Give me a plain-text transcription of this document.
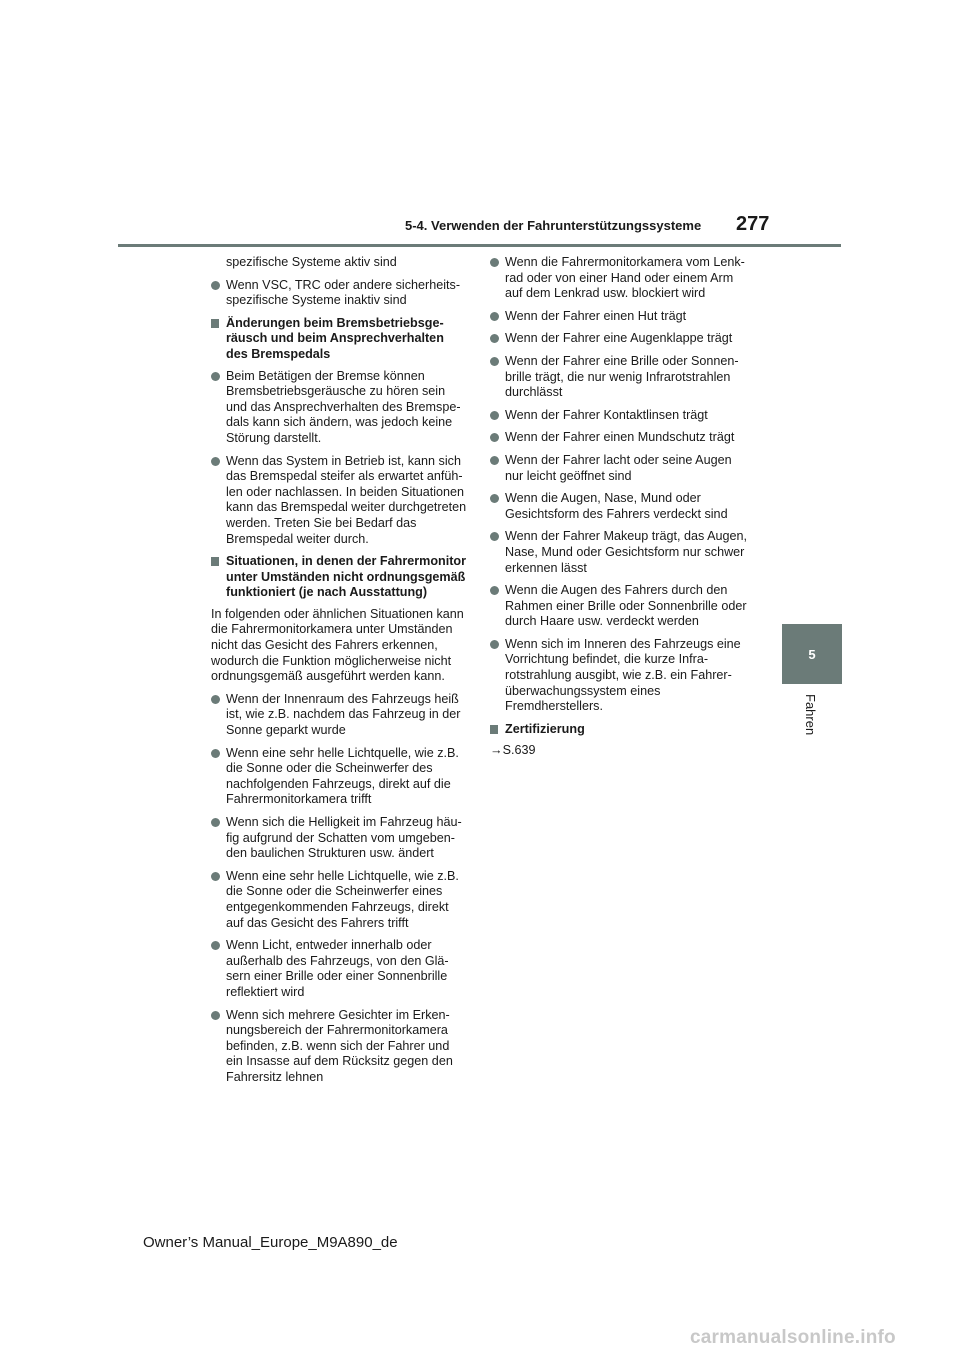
5-4. Verwenden der Fahrunterstützungssysteme 277
5
Fahren
spezifische Systeme aktiv sind
Wenn VSC, TRC oder andere sicherheits-spezifische Systeme inaktiv sind
Änderungen beim Bremsbetriebsge-räusch und beim Ansprechverhalten des Bremspedals
Beim Betätigen der Bremse können Bremsbetriebsgeräusche zu hören sein und das Ansprechverhalten des Bremspe-dals kann sich ändern, was jedoch keine Störung darstellt.
Wenn das System in Betrieb ist, kann sich das Bremspedal steifer als erwartet anfüh-len oder nachlassen. In beiden Situationen kann das Bremspedal weiter durchgetreten werden. Treten Sie bei Bedarf das Bremspedal weiter durch.
Situationen, in denen der Fahrermonitor unter Umständen nicht ordnungsgemäß funktioniert (je nach Ausstattung)
In folgenden oder ähnlichen Situationen kann die Fahrermonitorkamera unter Umständen nicht das Gesicht des Fahrers erkennen, wodurch die Funktion möglicherweise nicht ordnungsgemäß ausgeführt werden kann.
Wenn der Innenraum des Fahrzeugs heiß ist, wie z.B. nachdem das Fahrzeug in der Sonne geparkt wurde
Wenn eine sehr helle Lichtquelle, wie z.B. die Sonne oder die Scheinwerfer des nachfolgenden Fahrzeugs, direkt auf die Fahrermonitorkamera trifft
Wenn sich die Helligkeit im Fahrzeug häu-fig aufgrund der Schatten vom umgeben-den baulichen Strukturen usw. ändert
Wenn eine sehr helle Lichtquelle, wie z.B. die Sonne oder die Scheinwerfer eines entgegenkommenden Fahrzeugs, direkt auf das Gesicht des Fahrers trifft
Wenn Licht, entweder innerhalb oder außerhalb des Fahrzeugs, von den Glä-sern einer Brille oder einer Sonnenbrille reflektiert wird
Wenn sich mehrere Gesichter im Erken-nungsbereich der Fahrermonitorkamera befinden, z.B. wenn sich der Fahrer und ein Insasse auf dem Rücksitz gegen den Fahrersitz lehnen
Wenn die Fahrermonitorkamera vom Lenk-rad oder von einer Hand oder einem Arm auf dem Lenkrad usw. blockiert wird
Wenn der Fahrer einen Hut trägt
Wenn der Fahrer eine Augenklappe trägt
Wenn der Fahrer eine Brille oder Sonnen-brille trägt, die nur wenig Infrarotstrahlen durchlässt
Wenn der Fahrer Kontaktlinsen trägt
Wenn der Fahrer einen Mundschutz trägt
Wenn der Fahrer lacht oder seine Augen nur leicht geöffnet sind
Wenn die Augen, Nase, Mund oder Gesichtsform des Fahrers verdeckt sind
Wenn der Fahrer Makeup trägt, das Augen, Nase, Mund oder Gesichtsform nur schwer erkennen lässt
Wenn die Augen des Fahrers durch den Rahmen einer Brille oder Sonnenbrille oder durch Haare usw. verdeckt werden
Wenn sich im Inneren des Fahrzeugs eine Vorrichtung befindet, die kurze Infra-rotstrahlung ausgibt, wie z.B. ein Fahrer-überwachungssystem eines Fremdherstellers.
Zertifizierung
→S.639
Owner’s Manual_Europe_M9A890_de
carmanualsonline.info
